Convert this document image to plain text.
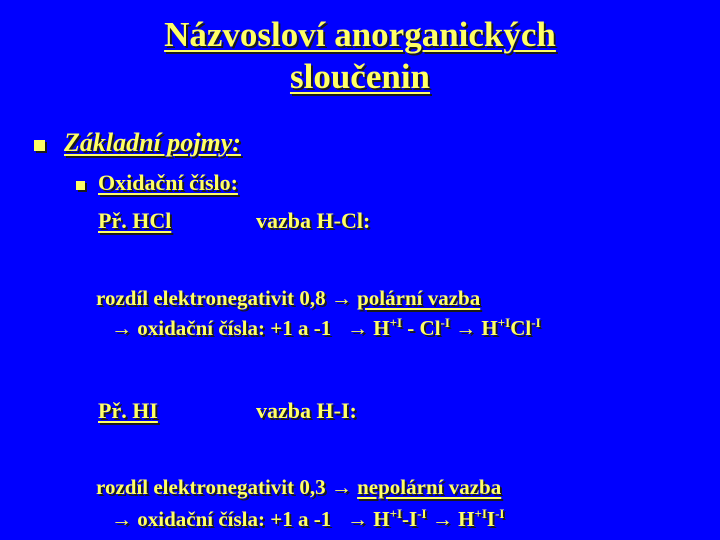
Názvosloví anorganických
sloučenin
Základní pojmy:
Oxidační číslo:
Př. HCl	vazba H-Cl:
rozdíl elektronegativit 0,8 → polární vazba
→ oxidační čísla: +1 a $-1 \to H^{+I} - Cl^{-I} \to H^{+I}Cl^{-I}$
Př. HI	vazba H-I:
rozdíl elektronegativit 0,3 → nepolární vazba
→ oxidační čísla: +1 a $-1 \to H^{+I}-I^{-I} \to H^{+I}I^{-I}$
